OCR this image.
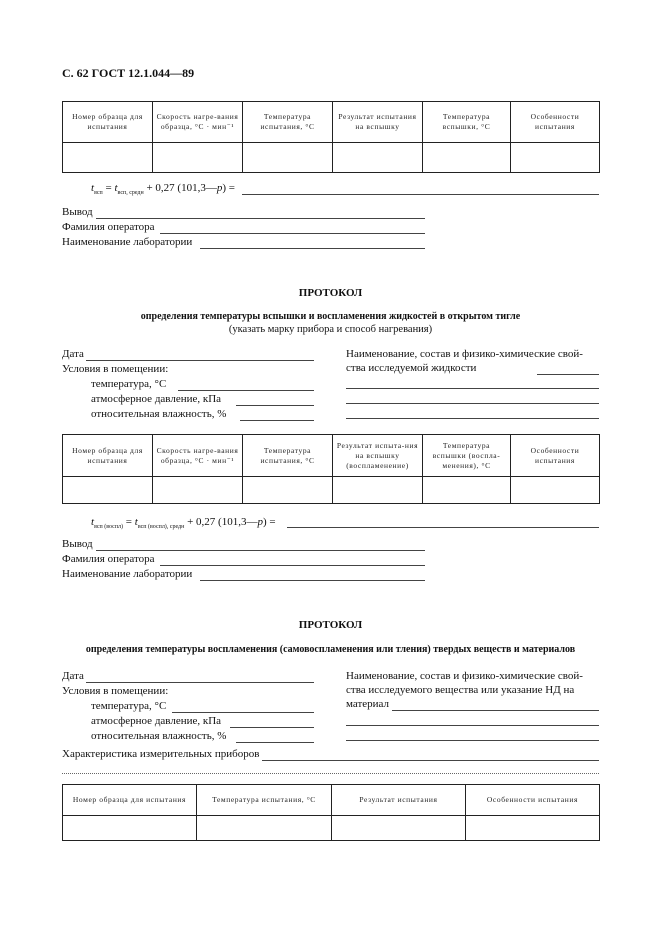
С. 62 ГОСТ 12.1.044—89
Номер образца для испытания	Скорость нагре-вания образца, °С · мин⁻¹	Температура испытания, °С	Результат испытания на вспышку	Температура вспышки, °С	Особенности испытания

$t_{всп} = t_{всп, средн} + 0,27$ (101,3—p) =
Вывод
Фамилия оператора
Наименование лаборатории
ПРОТОКОЛ
определения температуры вспышки и воспламенения жидкостей в открытом тигле
(указать марку прибора и способ нагревания)
Дата
Условия в помещении:
температура, °С
атмосферное давление, кПа
относительная влажность, %
Наименование, состав и физико-химические свой-
ства исследуемой жидкости
Номер образца для испытания	Скорость нагре-вания образца, °С · мин⁻¹	Температура испытания, °С	Результат испыта-ния на вспышку (воспламенение)	Температура вспышки (воспла-менения), °С	Особенности испытания

$t_{всп (воспл)} = t_{всп (воспл), средн} + 0,27$ (101,3—p) =
Вывод
Фамилия оператора
Наименование лаборатории
ПРОТОКОЛ
определения температуры воспламенения (самовоспламенения или тления) твердых веществ и материалов
Дата
Условия в помещении:
температура, °С
атмосферное давление, кПа
относительная влажность, %
Наименование, состав и физико-химические свой-
ства исследуемого вещества или указание НД на
материал
Характеристика измерительных приборов
Номер образца для испытания	Температура испытания, °С	Результат испытания	Особенности испытания
